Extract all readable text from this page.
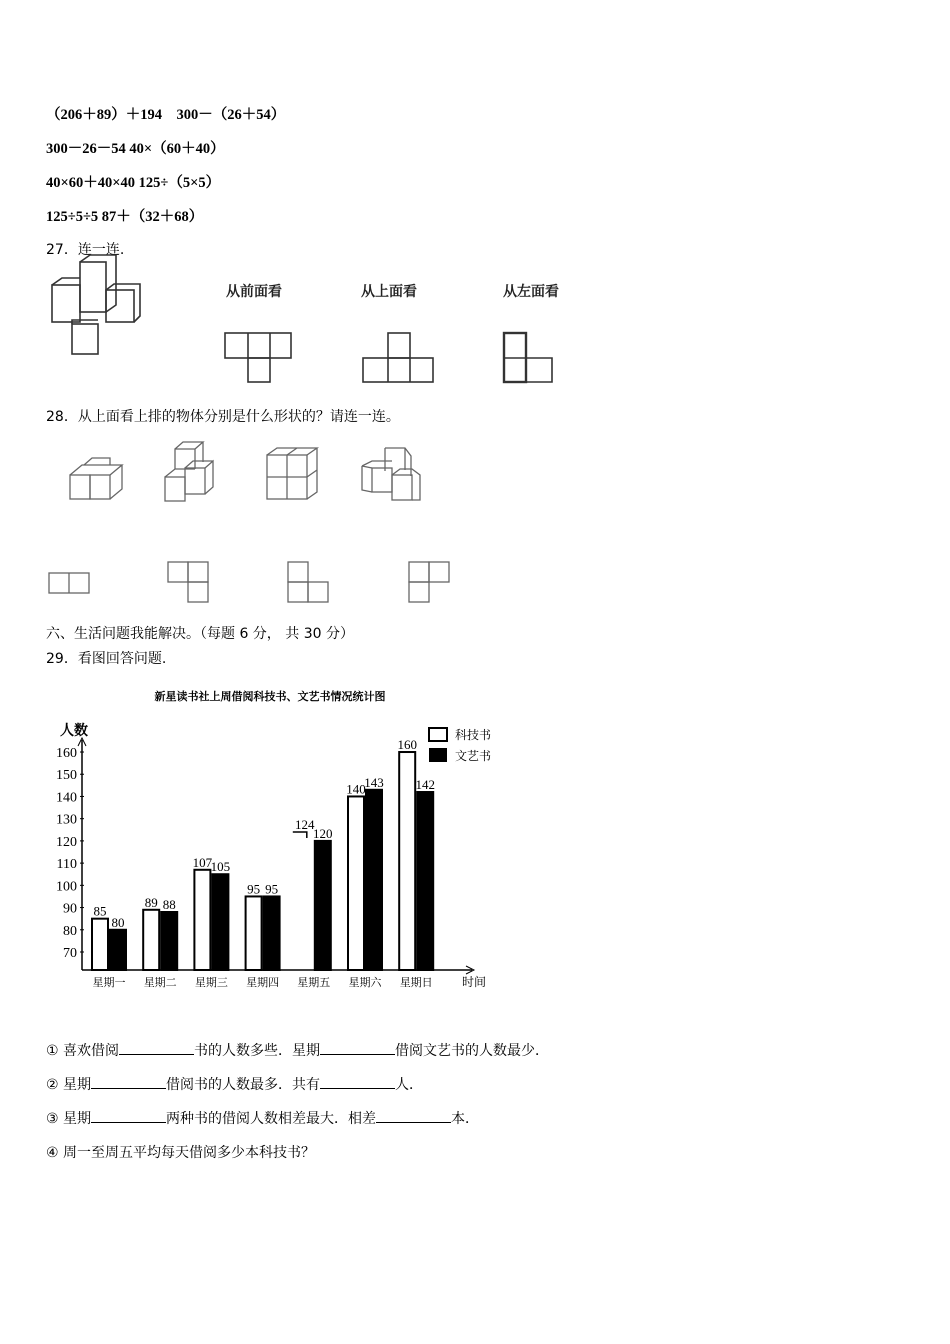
（206＋89）＋194　300－（26＋54）
300－26－54 40×（60＋40）
40×60＋40×40 125÷（5×5）
125÷5÷5 87＋（32＋68）
27．连一连.
从前面看	从上面看	从左面看
28．从上面看上排的物体分别是什么形状的？请连一连。
六、生活问题我能解决。（每题 6 分， 共 30 分）
29．看图回答问题.
新星读书社上周借阅科技书、文艺书情况统计图
人数
时间
70
80
90
100
110
120
130
140
150
160
星期一 星期二 星期三 星期四 星期五 星期六 星期日
85
80
89 88
107
105
95 95
124
120
140
143
160
142
科技书
文艺书
① 喜欢借阅	书的人数多些．星期	借阅文艺书的人数最少．
② 星期	借阅书的人数最多．共有	人．
③ 星期	两种书的借阅人数相差最大．相差	本．
④ 周一至周五平均每天借阅多少本科技书？
